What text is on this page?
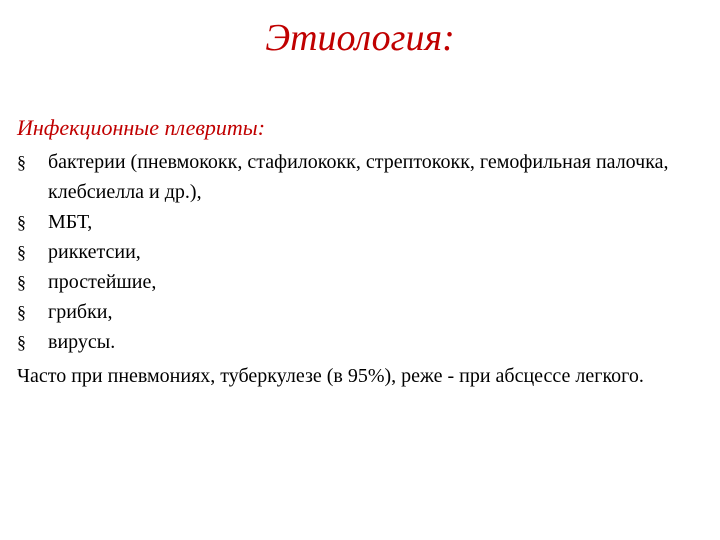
Этиология:
Инфекционные плевриты:
§ бактерии (пневмококк, стафилококк, стрептококк, гемофильная палочка, клебсиелла и др.),
§ МБТ,
§ риккетсии,
§ простейшие,
§ грибки,
§ вирусы.
Часто при пневмониях, туберкулезе (в 95%), реже - при абсцессе легкого.
